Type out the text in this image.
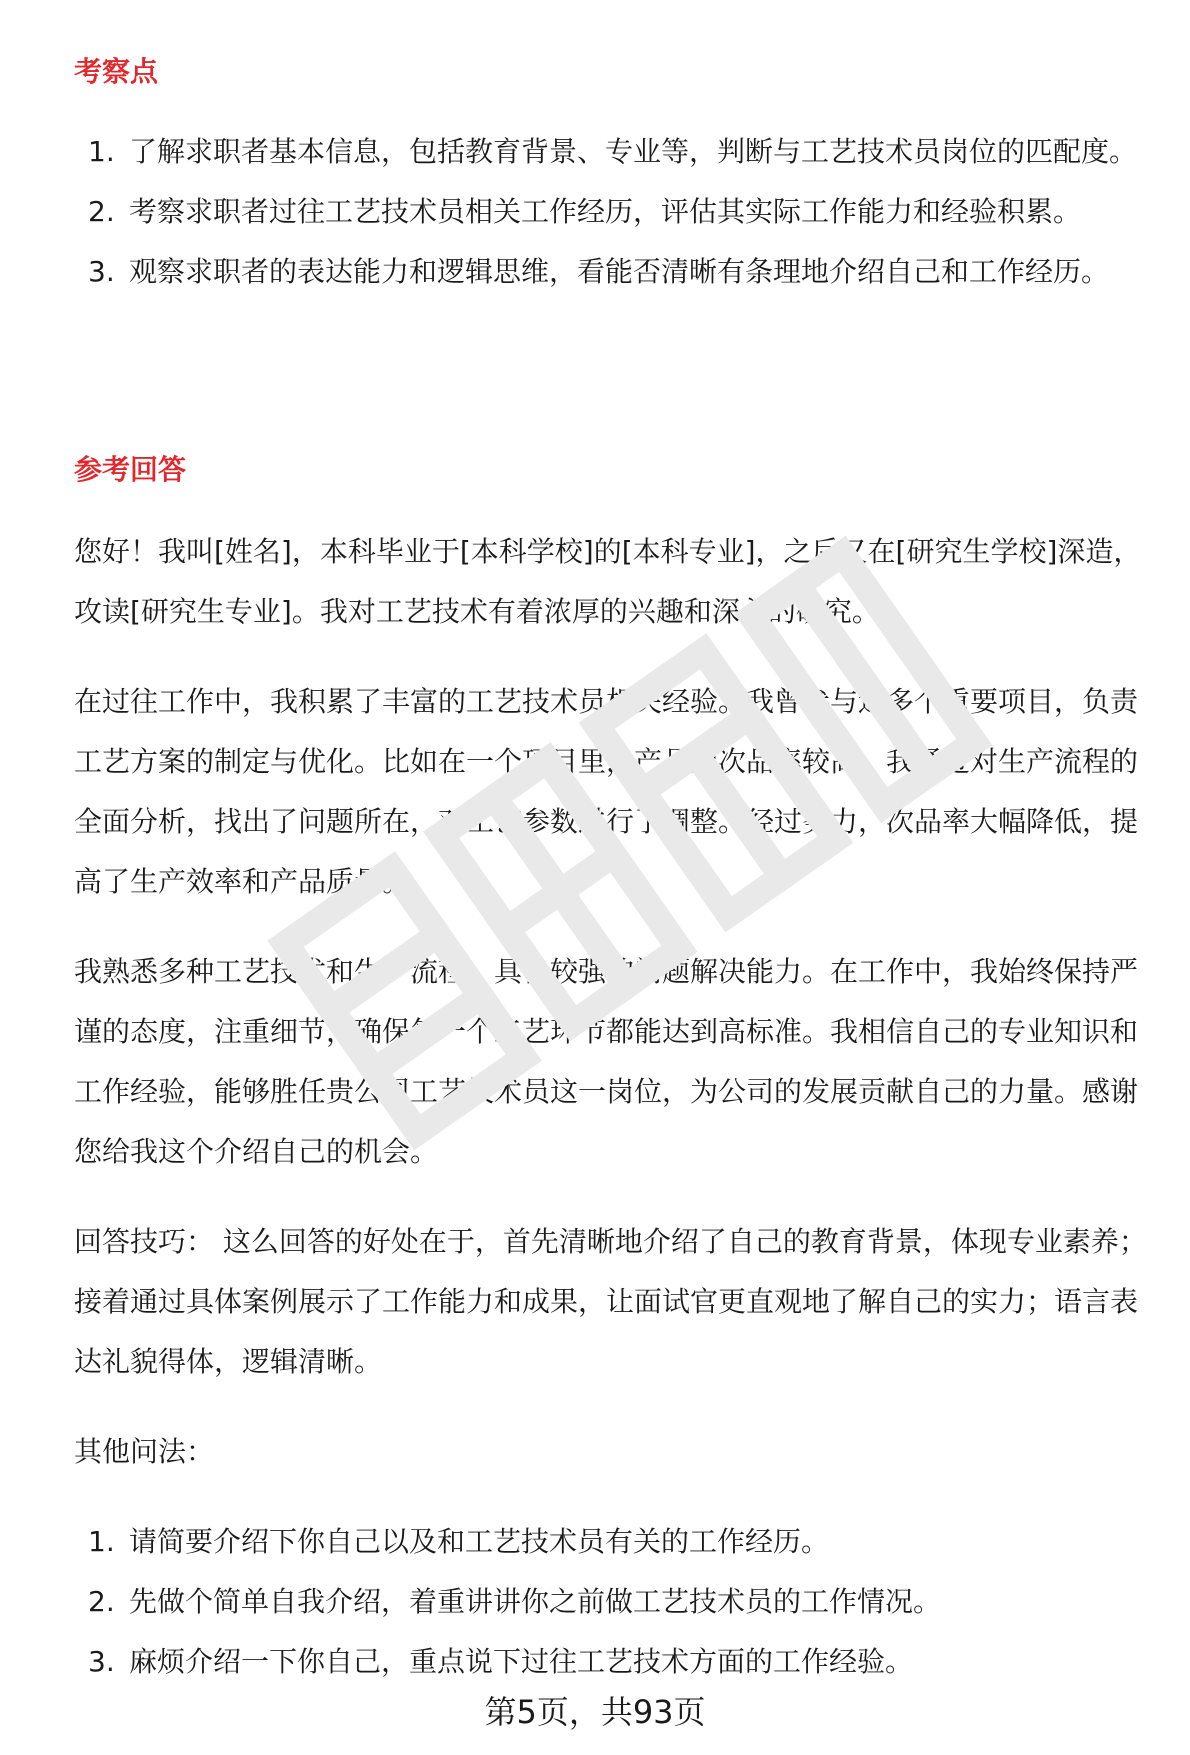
考察点
1. 了解求职者基本信息，包括教育背景、专业等，判断与工艺技术员岗位的匹配度。
2. 考察求职者过往工艺技术员相关工作经历，评估其实际工作能力和经验积累。
3. 观察求职者的表达能力和逻辑思维，看能否清晰有条理地介绍自己和工作经历。
参考回答

您好！我叫[姓名]，本科毕业于[本科学校]的[本科专业]，之后又在[研究生学校]深造，攻读[研究生专业]。我对工艺技术有着浓厚的兴趣和深入的研究。

在过往工作中，我积累了丰富的工艺技术员相关经验。我曾参与过多个重要项目，负责工艺方案的制定与优化。比如在一个项目里，产品的次品率较高，我通过对生产流程的全面分析，找出了问题所在，对工艺参数进行了调整。经过努力，次品率大幅降低，提高了生产效率和产品质量。

我熟悉多种工艺技术和生产流程，具备较强的问题解决能力。在工作中，我始终保持严谨的态度，注重细节，确保每一个工艺环节都能达到高标准。我相信自己的专业知识和工作经验，能够胜任贵公司工艺技术员这一岗位，为公司的发展贡献自己的力量。感谢您给我这个介绍自己的机会。

回答技巧： 这么回答的好处在于，首先清晰地介绍了自己的教育背景，体现专业素养；接着通过具体案例展示了工作能力和成果，让面试官更直观地了解自己的实力；语言表达礼貌得体，逻辑清晰。

其他问法：

1. 请简要介绍下你自己以及和工艺技术员有关的工作经历。
2. 先做个简单自我介绍，着重讲讲你之前做工艺技术员的工作情况。
3. 麻烦介绍一下你自己，重点说下过往工艺技术方面的工作经验。
第5页，共93页
